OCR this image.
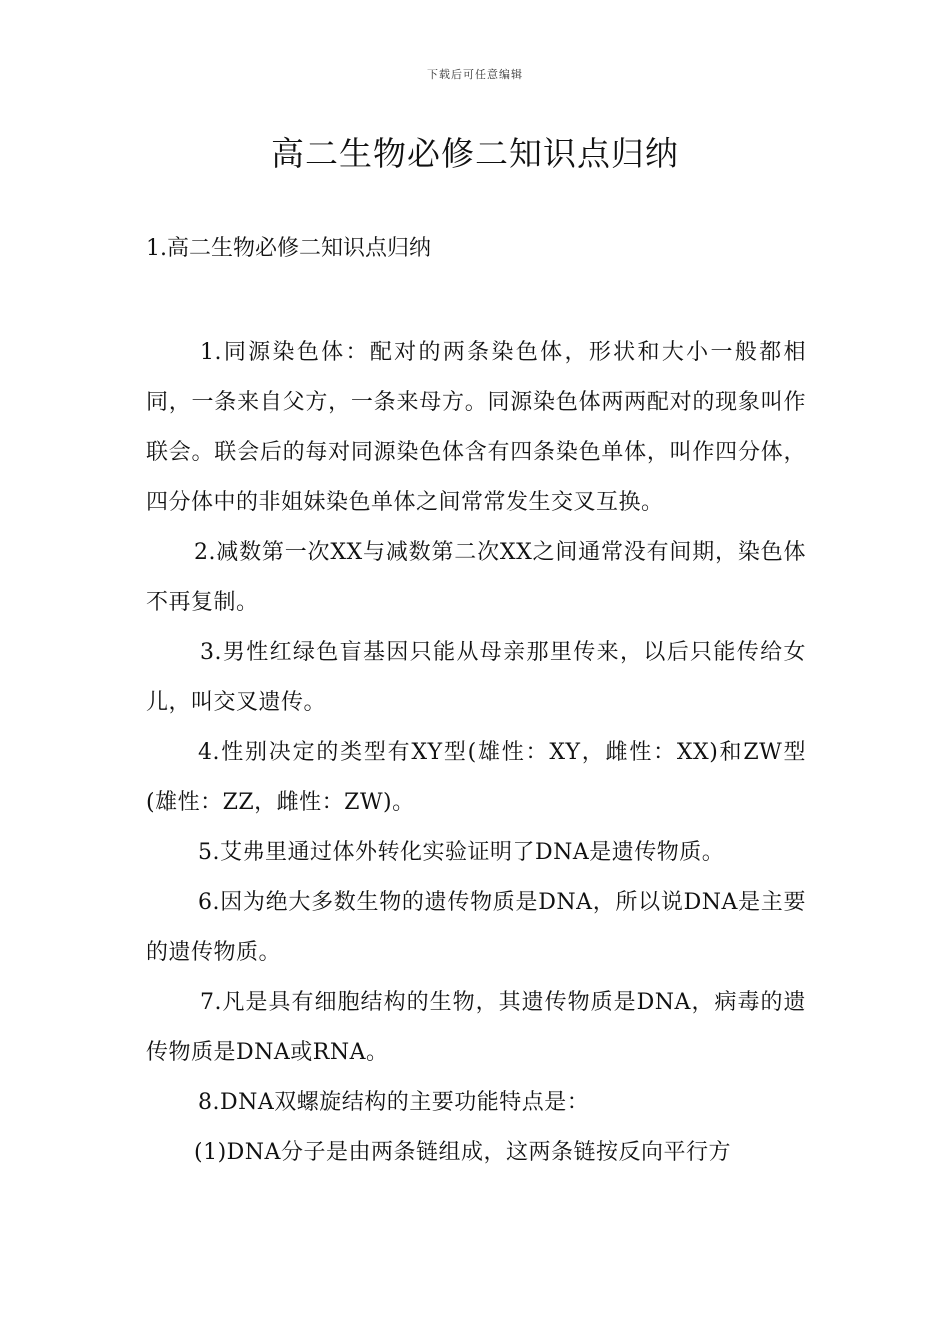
下载后可任意编辑
高二生物必修二知识点归纳

1.高二生物必修二知识点归纳

1.同源染色体：配对的两条染色体，形状和大小一般都相同，一条来自父方，一条来母方。同源染色体两两配对的现象叫作联会。联会后的每对同源染色体含有四条染色单体，叫作四分体，四分体中的非姐妹染色单体之间常常发生交叉互换。

2.减数第一次XX与减数第二次XX之间通常没有间期，染色体不再复制。

3.男性红绿色盲基因只能从母亲那里传来，以后只能传给女儿，叫交叉遗传。

4.性别决定的类型有XY型(雄性：XY，雌性：XX)和ZW型(雄性：ZZ，雌性：ZW)。

5.艾弗里通过体外转化实验证明了DNA是遗传物质。

6.因为绝大多数生物的遗传物质是DNA，所以说DNA是主要的遗传物质。

7.凡是具有细胞结构的生物，其遗传物质是DNA，病毒的遗传物质是DNA或RNA。

8.DNA双螺旋结构的主要功能特点是：

(1)DNA分子是由两条链组成，这两条链按反向平行方
